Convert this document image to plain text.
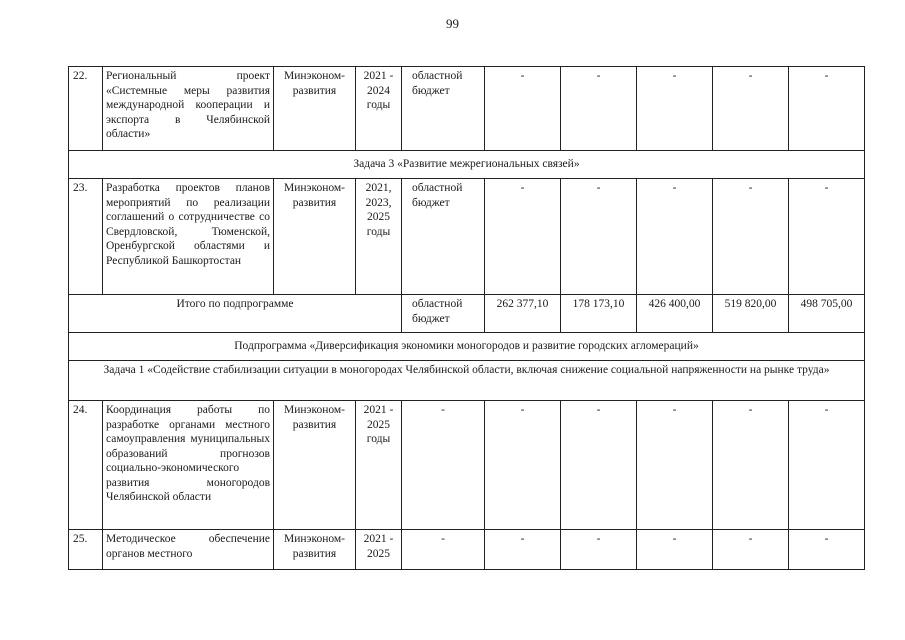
99
22.	Региональный проект «Системные меры развития международной кооперации и экспорта в Челябинской области»	Минэконом-развития	2021 - 2024 годы	областной бюджет	-	-	-	-	-
Задача 3 «Развитие межрегиональных связей»									
23.	Разработка проектов планов мероприятий по реализации соглашений о сотрудничестве со Свердловской, Тюменской, Оренбургской областями и Республикой Башкортостан	Минэконом-развития	2021, 2023, 2025 годы	областной бюджет	-	-	-	-	-
Итого по подпрограмме				областной бюджет	262 377,10	178 173,10	426 400,00	519 820,00	498 705,00
Подпрограмма «Диверсификация экономики моногородов и развитие городских агломераций»									
Задача 1 «Содействие стабилизации ситуации в моногородах Челябинской области, включая снижение социальной напряженности на рынке труда»									
24.	Координация работы по разработке органами местного самоуправления муниципальных образований прогнозов социально-экономического развития моногородов Челябинской области	Минэконом-развития	2021 - 2025 годы	-	-	-	-	-	-
25.	Методическое обеспечение органов местного	Минэконом-развития	2021 - 2025	-	-	-	-	-	-
